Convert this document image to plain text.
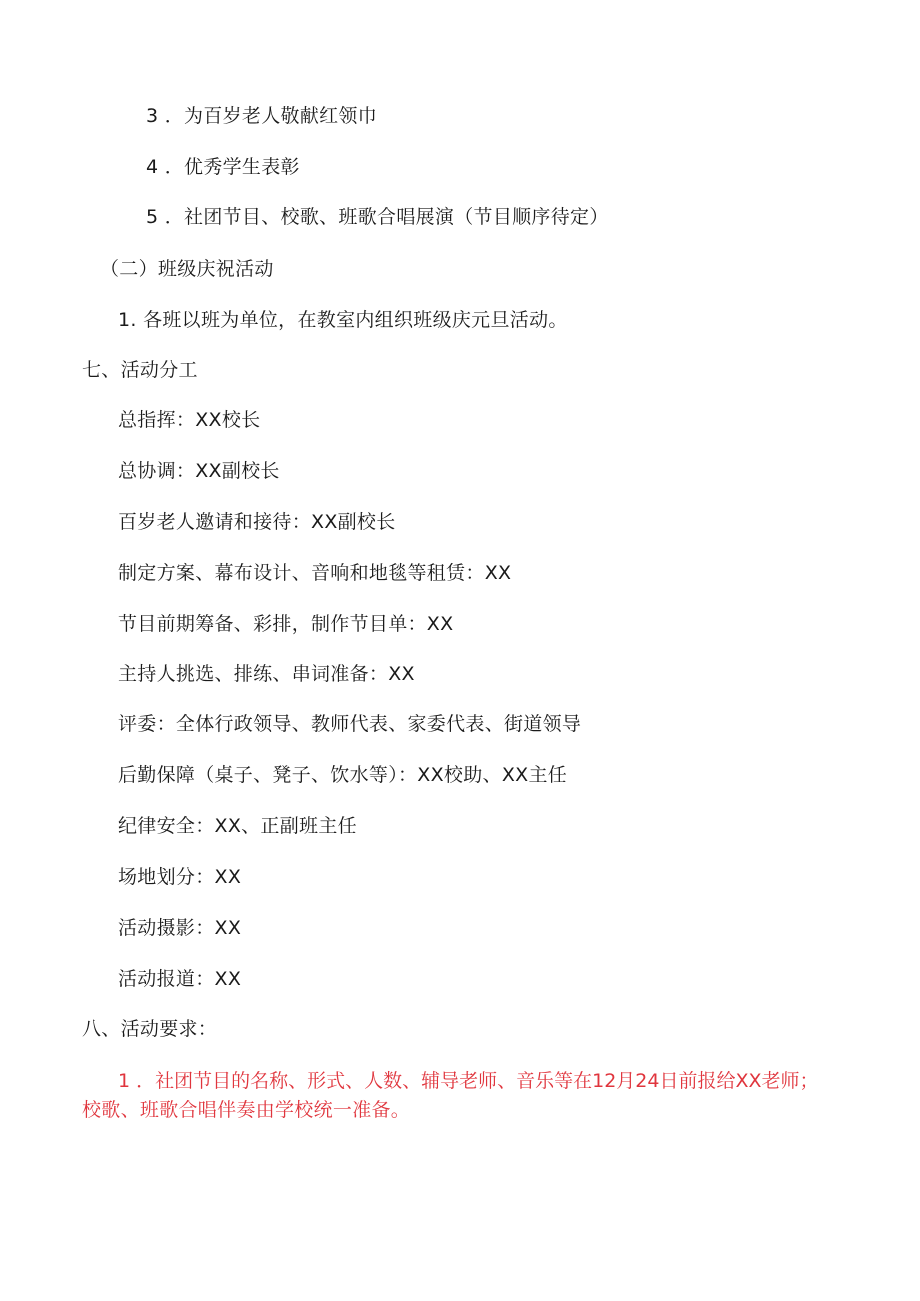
3 ．为百岁老人敬献红领巾
4 ．优秀学生表彰
5 ．社团节目、校歌、班歌合唱展演（节目顺序待定）
（二）班级庆祝活动
1. 各班以班为单位，在教室内组织班级庆元旦活动。
七、活动分工
总指挥：XX校长
总协调：XX副校长
百岁老人邀请和接待：XX副校长
制定方案、幕布设计、音响和地毯等租赁：XX
节目前期筹备、彩排，制作节目单：XX
主持人挑选、排练、串词准备：XX
评委：全体行政领导、教师代表、家委代表、街道领导
后勤保障（桌子、凳子、饮水等）：XX校助、XX主任
纪律安全：XX、正副班主任
场地划分：XX
活动摄影：XX
活动报道：XX
八、活动要求：
1 ．社团节目的名称、形式、人数、辅导老师、音乐等在12月24日前报给XX老师；
校歌、班歌合唱伴奏由学校统一准备。
